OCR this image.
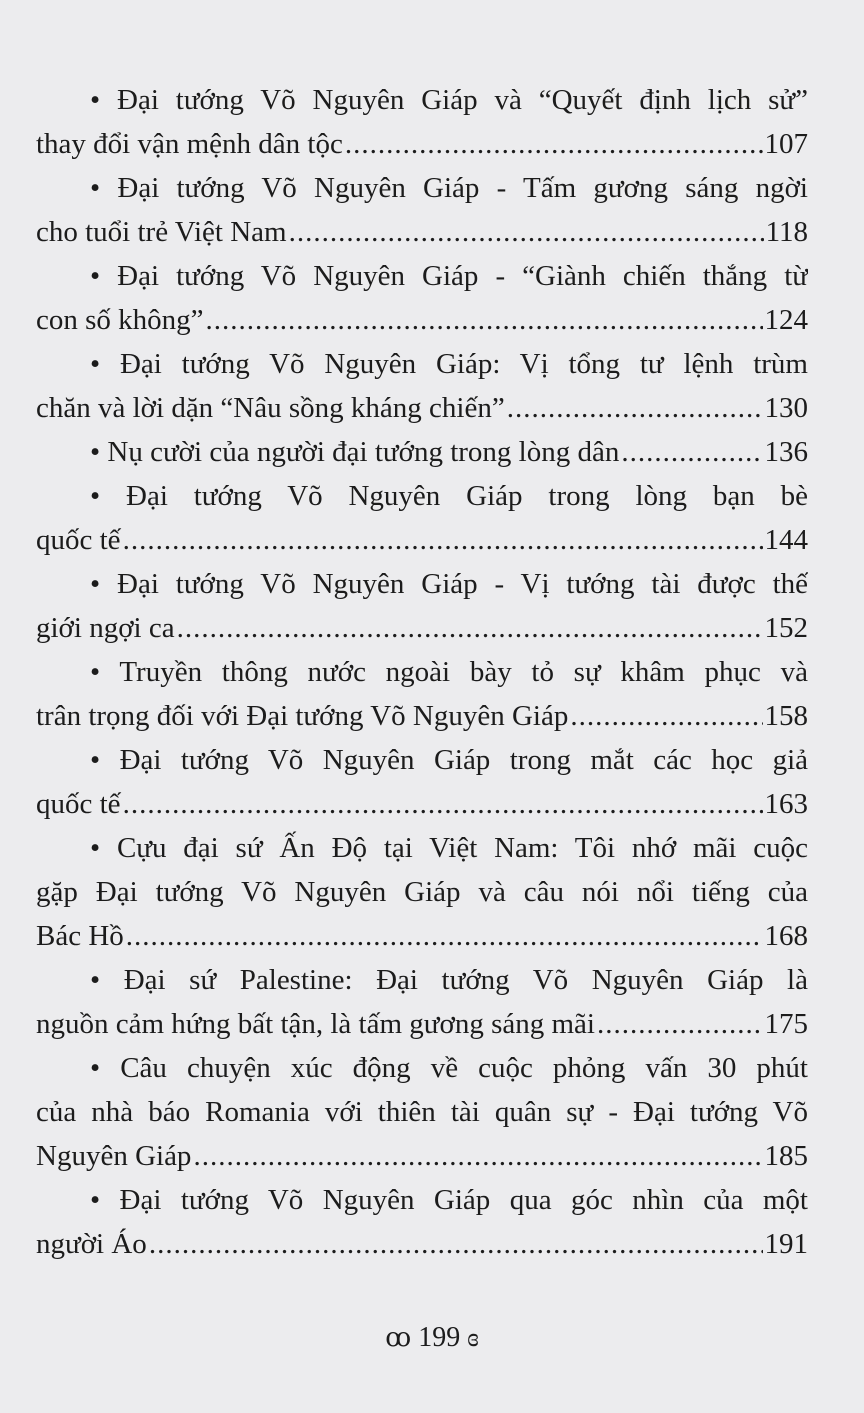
• Đại tướng Võ Nguyên Giáp và “Quyết định lịch sử”
thay đổi vận mệnh dân tộc .....	107
• Đại tướng Võ Nguyên Giáp - Tấm gương sáng ngời
cho tuổi trẻ Việt Nam .....	118
• Đại tướng Võ Nguyên Giáp - “Giành chiến thắng từ
con số không” .....	124
• Đại tướng Võ Nguyên Giáp: Vị tổng tư lệnh trùm
chăn và lời dặn “Nâu sồng kháng chiến” .....	130
• Nụ cười của người đại tướng trong lòng dân .....	136
• Đại tướng Võ Nguyên Giáp trong lòng bạn bè
quốc tế .....	144
• Đại tướng Võ Nguyên Giáp - Vị tướng tài được thế
giới ngợi ca .....	152
• Truyền thông nước ngoài bày tỏ sự khâm phục và
trân trọng đối với Đại tướng Võ Nguyên Giáp .....	158
• Đại tướng Võ Nguyên Giáp trong mắt các học giả
quốc tế .....	163
• Cựu đại sứ Ấn Độ tại Việt Nam: Tôi nhớ mãi cuộc
gặp Đại tướng Võ Nguyên Giáp và câu nói nổi tiếng của
Bác Hồ .....	168
• Đại sứ Palestine: Đại tướng Võ Nguyên Giáp là
nguồn cảm hứng bất tận, là tấm gương sáng mãi .....	175
• Câu chuyện xúc động về cuộc phỏng vấn 30 phút
của nhà báo Romania với thiên tài quân sự - Đại tướng Võ
Nguyên Giáp .....	185
• Đại tướng Võ Nguyên Giáp qua góc nhìn của một
người Áo .....	191
ꝏ 199 ɞ
